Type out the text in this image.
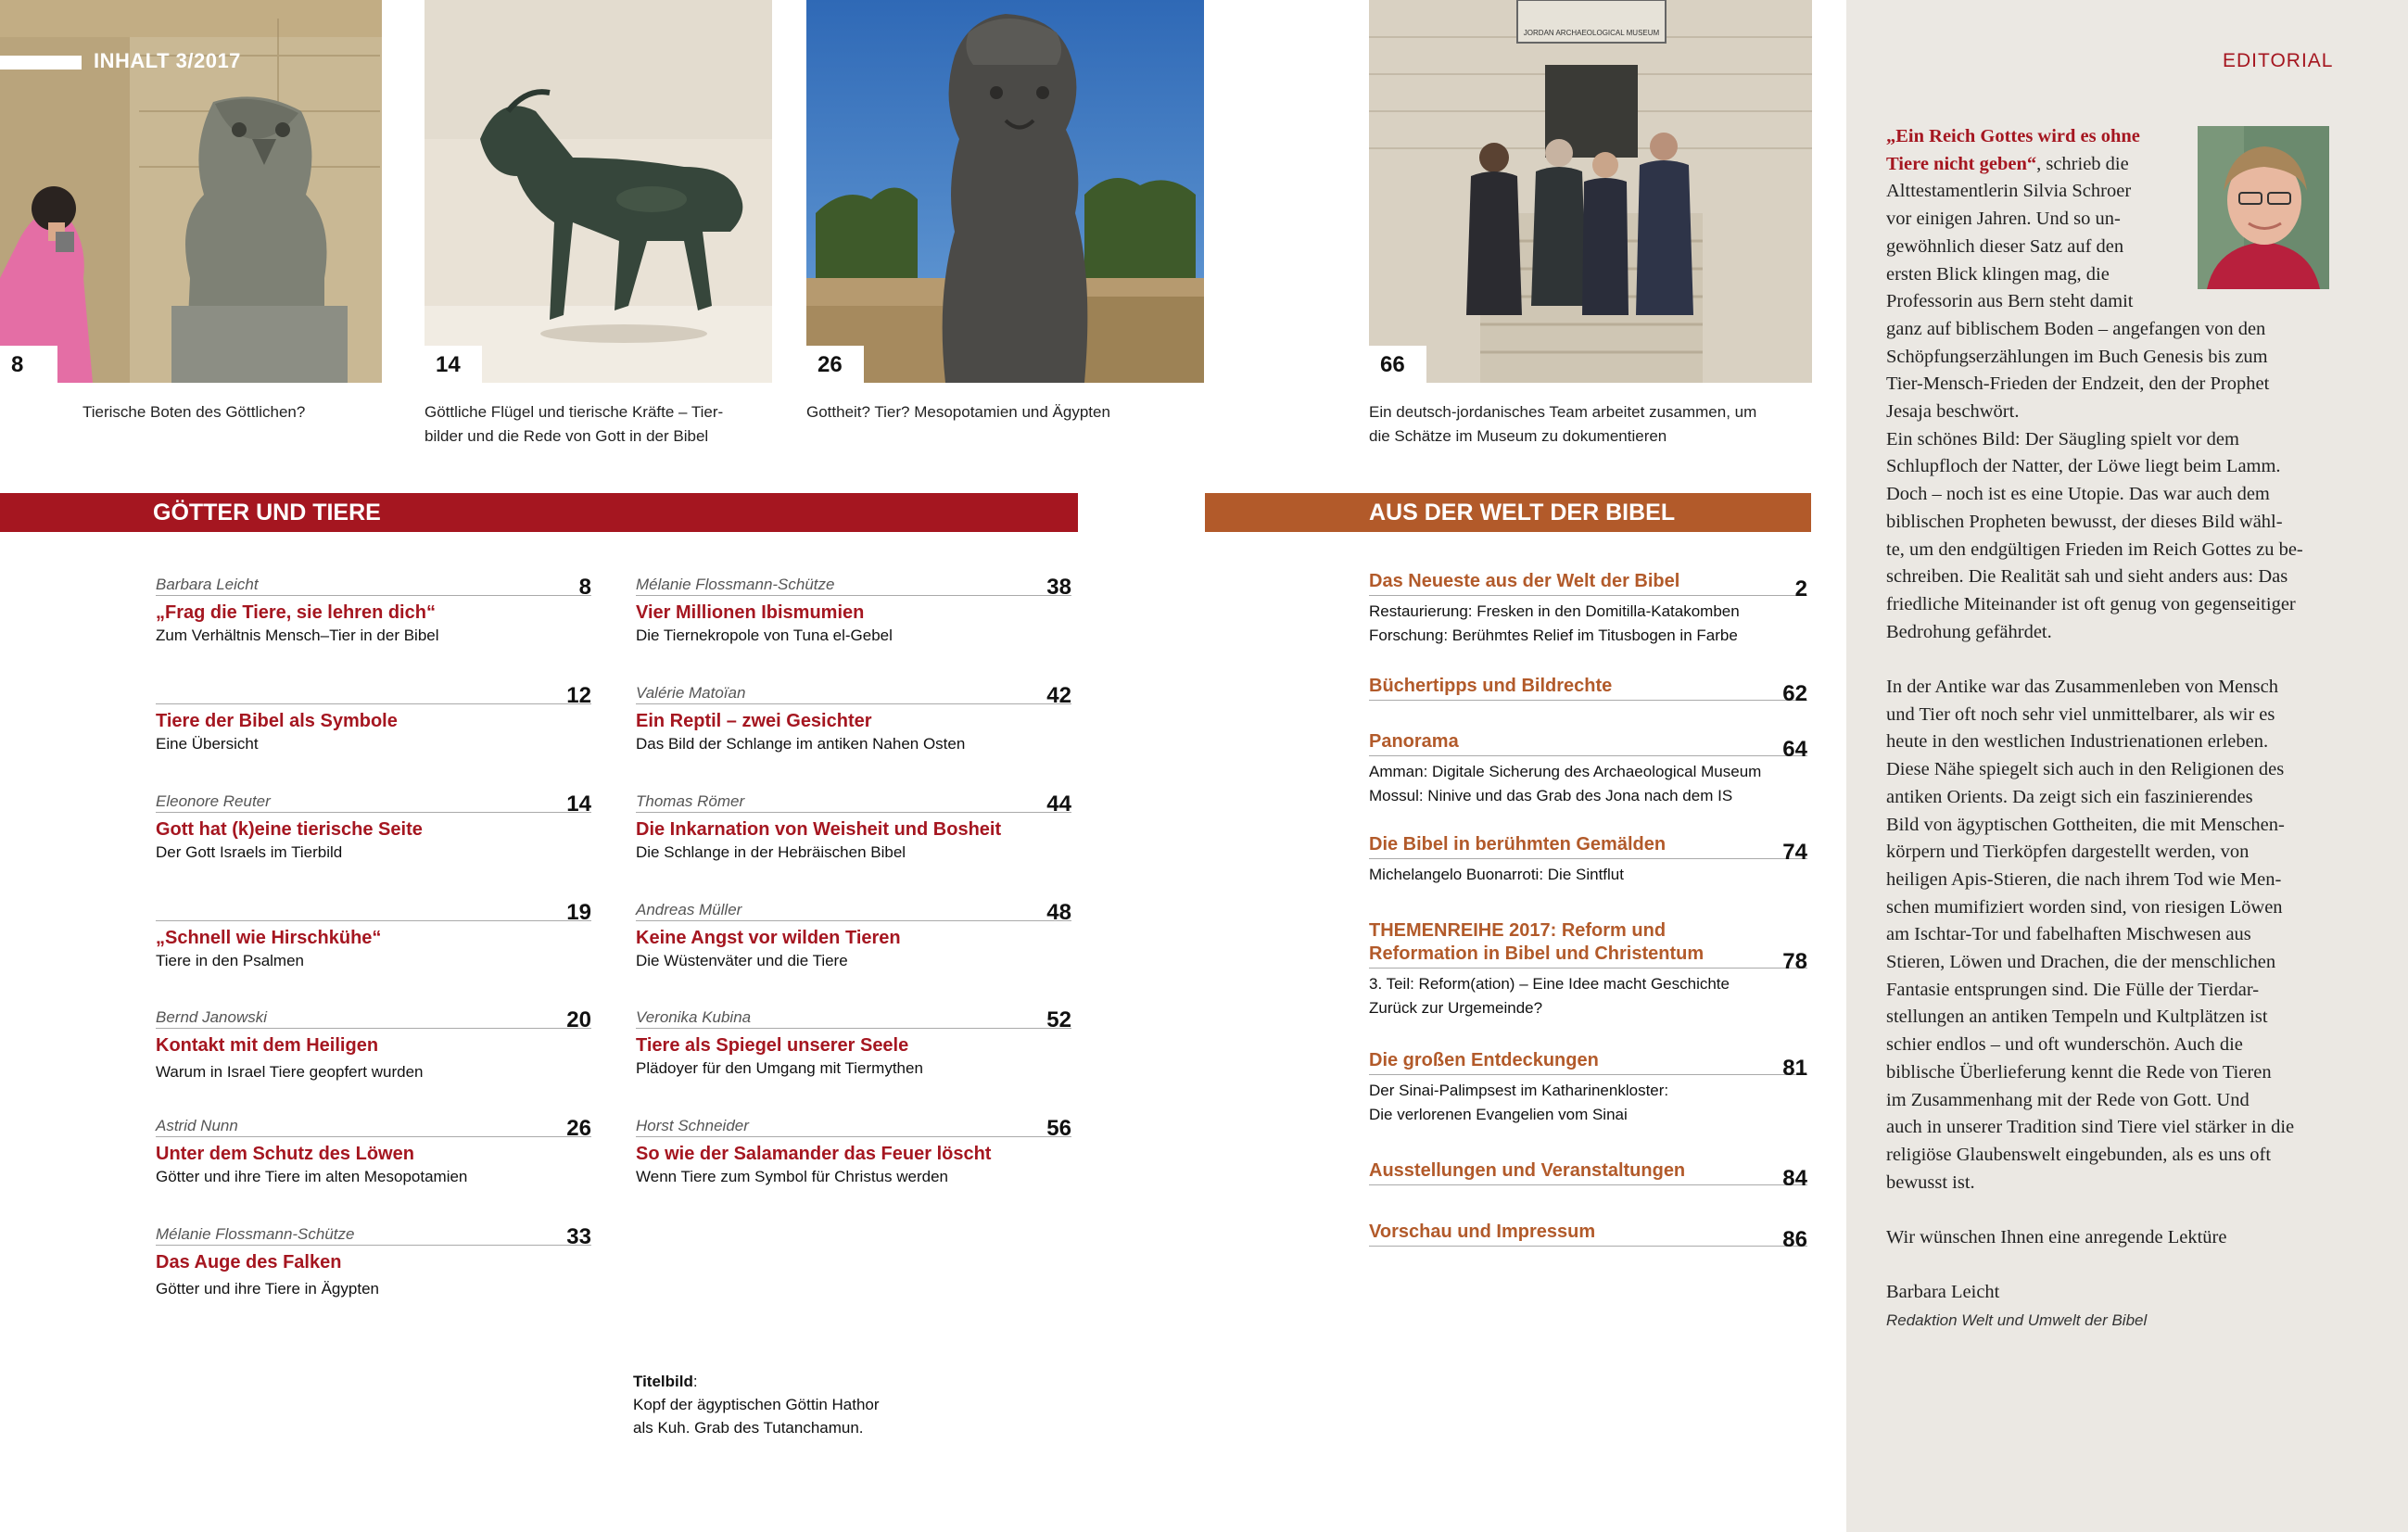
8
INHALT 3/2017
14	26
JORDAN ARCHAEOLOGICAL MUSEUM
66
Tierische Boten des Göttlichen?	Göttliche Flügel und tierische Kräfte – Tier-
bilder und die Rede von Gott in der Bibel
Gottheit? Tier? Mesopotamien und Ägypten	Ein deutsch-jordanisches Team arbeitet zusammen, um
die Schätze im Museum zu dokumentieren
GÖTTER UND TIERE	AUS DER WELT DER BIBEL
Barbara Leicht	8
„Frag die Tiere, sie lehren dich“
Zum Verhältnis Mensch–Tier in der Bibel
12
Tiere der Bibel als Symbole
Eine Übersicht
Eleonore Reuter	14
Gott hat (k)eine tierische Seite
Der Gott Israels im Tierbild
19
„Schnell wie Hirschkühe“
Tiere in den Psalmen
Bernd Janowski	20
Kontakt mit dem Heiligen
Warum in Israel Tiere geopfert wurden
Astrid Nunn	26
Unter dem Schutz des Löwen
Götter und ihre Tiere im alten Mesopotamien
Mélanie Flossmann-Schütze	33
Das Auge des Falken
Götter und ihre Tiere in Ägypten
Mélanie Flossmann-Schütze	38
Vier Millionen Ibismumien
Die Tiernekropole von Tuna el-Gebel
Valérie Matoïan	42
Ein Reptil – zwei Gesichter
Das Bild der Schlange im antiken Nahen Osten
Thomas Römer	44
Die Inkarnation von Weisheit und Bosheit
Die Schlange in der Hebräischen Bibel
Andreas Müller	48
Keine Angst vor wilden Tieren
Die Wüstenväter und die Tiere
Veronika Kubina	52
Tiere als Spiegel unserer Seele
Plädoyer für den Umgang mit Tiermythen
Horst Schneider	56
So wie der Salamander das Feuer löscht
Wenn Tiere zum Symbol für Christus werden
Titelbild:
Kopf der ägyptischen Göttin Hathor
als Kuh. Grab des Tutanchamun.
Das Neueste aus der Welt der Bibel	2
Restaurierung: Fresken in den Domitilla-Katakomben
Forschung: Berühmtes Relief im Titusbogen in Farbe
Büchertipps und Bildrechte	62
Panorama	64
Amman: Digitale Sicherung des Archaeological Museum
Mossul: Ninive und das Grab des Jona nach dem IS
Die Bibel in berühmten Gemälden	74
Michelangelo Buonarroti: Die Sintflut
THEMENREIHE 2017: Reform und
Reformation in Bibel und Christentum	78
3. Teil: Reform(ation) – Eine Idee macht Geschichte
Zurück zur Urgemeinde?
Die großen Entdeckungen	81
Der Sinai-Palimpsest im Katharinenkloster:
Die verlorenen Evangelien vom Sinai
Ausstellungen und Veranstaltungen	84
Vorschau und Impressum	86
EDITORIAL

„Ein Reich Gottes wird es ohne
Tiere nicht geben“, schrieb die
Alttestamentlerin Silvia Schroer
vor einigen Jahren. Und so un-
gewöhnlich dieser Satz auf den
ersten Blick klingen mag, die
Professorin aus Bern steht damit
ganz auf biblischem Boden – angefangen von den
Schöpfungserzählungen im Buch Genesis bis zum
Tier-Mensch-Frieden der Endzeit, den der Prophet
Jesaja beschwört.
Ein schönes Bild: Der Säugling spielt vor dem
Schlupfloch der Natter, der Löwe liegt beim Lamm.
Doch – noch ist es eine Utopie. Das war auch dem
biblischen Propheten bewusst, der dieses Bild wähl-
te, um den endgültigen Frieden im Reich Gottes zu be-
schreiben. Die Realität sah und sieht anders aus: Das
friedliche Miteinander ist oft genug von gegenseitiger
Bedrohung gefährdet.

In der Antike war das Zusammenleben von Mensch
und Tier oft noch sehr viel unmittelbarer, als wir es
heute in den westlichen Industrienationen erleben.
Diese Nähe spiegelt sich auch in den Religionen des
antiken Orients. Da zeigt sich ein faszinierendes
Bild von ägyptischen Gottheiten, die mit Menschen-
körpern und Tierköpfen dargestellt werden, von
heiligen Apis-Stieren, die nach ihrem Tod wie Men-
schen mumifiziert worden sind, von riesigen Löwen
am Ischtar-Tor und fabelhaften Mischwesen aus
Stieren, Löwen und Drachen, die der menschlichen
Fantasie entsprungen sind. Die Fülle der Tierdar-
stellungen an antiken Tempeln und Kultplätzen ist
schier endlos – und oft wunderschön. Auch die
biblische Überlieferung kennt die Rede von Tieren
im Zusammenhang mit der Rede von Gott. Und
auch in unserer Tradition sind Tiere viel stärker in die
religiöse Glaubenswelt eingebunden, als es uns oft
bewusst ist.

Wir wünschen Ihnen eine anregende Lektüre

Barbara Leicht

Redaktion Welt und Umwelt der Bibel
